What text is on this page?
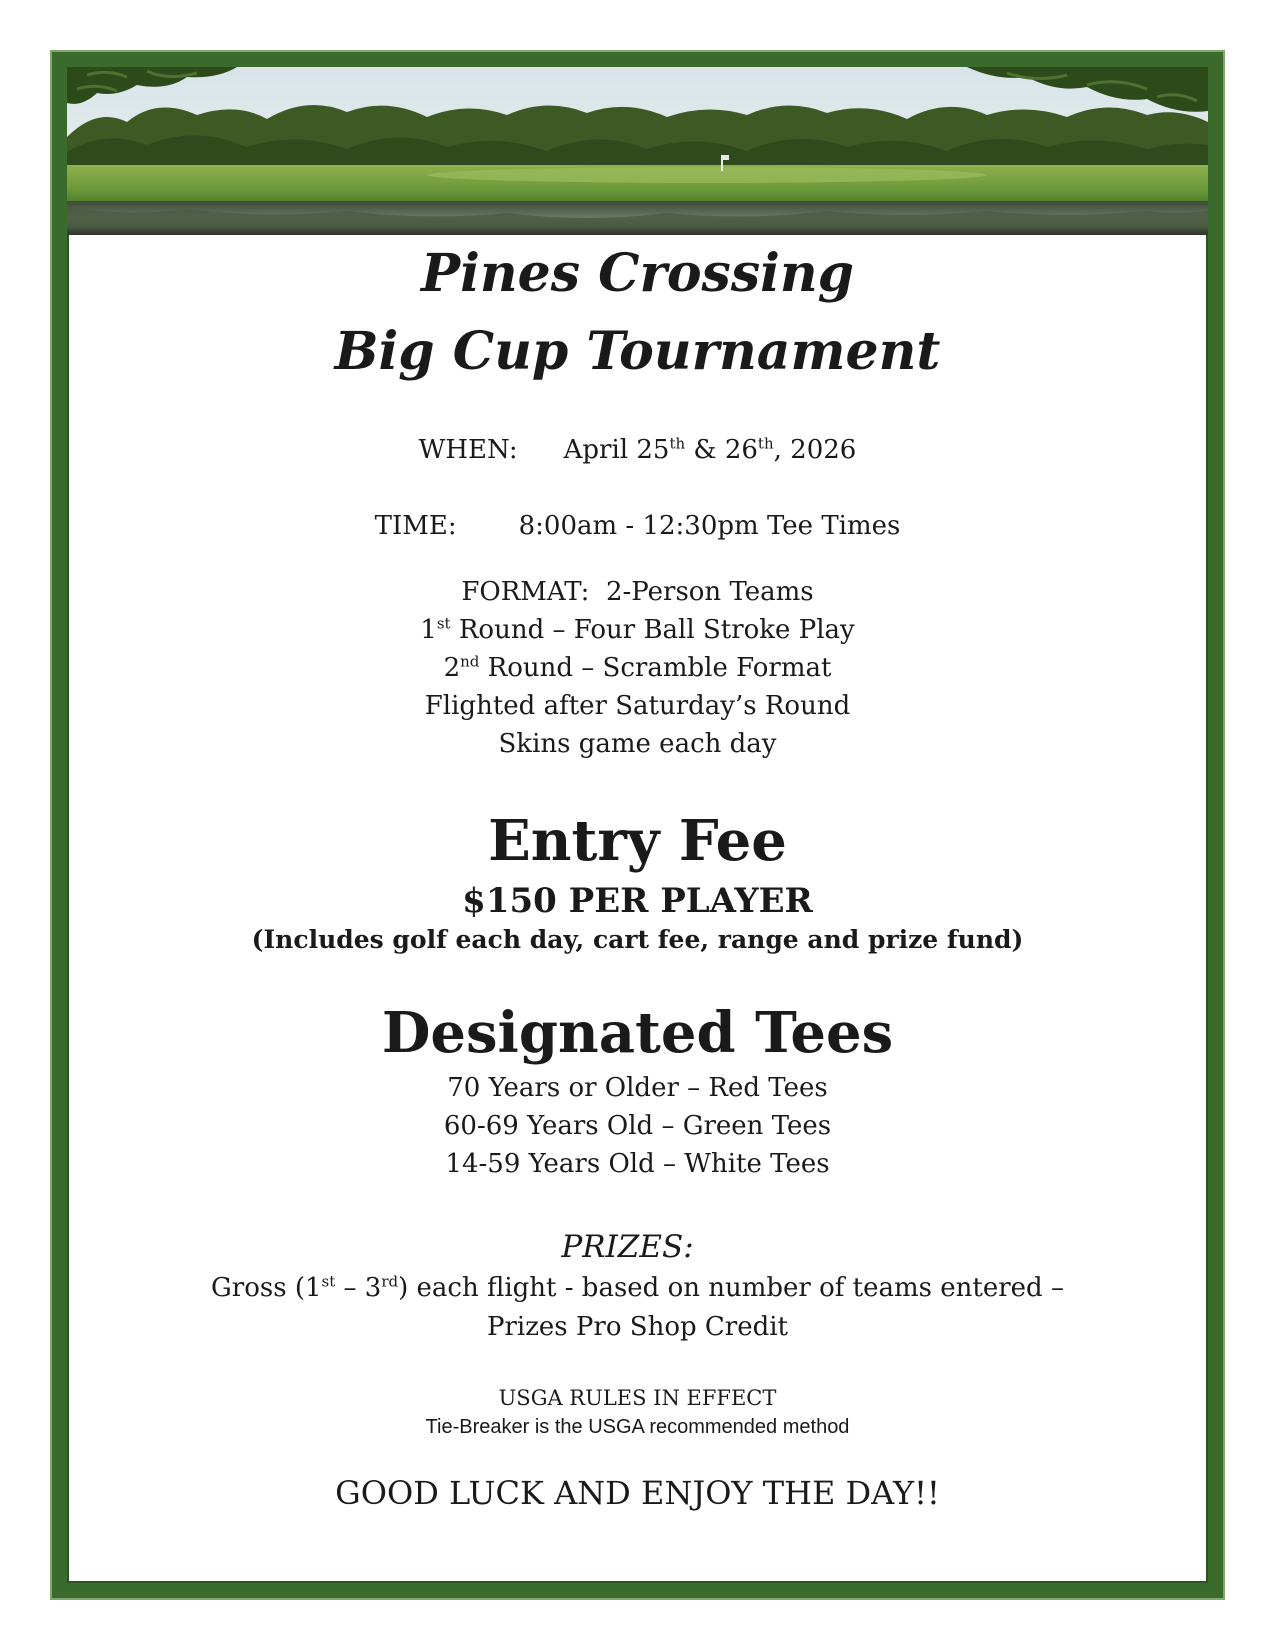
Pines Crossing
Big Cup Tournament
WHEN: April 25th & 26th, 2026
TIME: 8:00am - 12:30pm Tee Times
FORMAT: 2-Person Teams
1st Round – Four Ball Stroke Play
2nd Round – Scramble Format
Flighted after Saturday’s Round
Skins game each day
Entry Fee
$150 PER PLAYER
(Includes golf each day, cart fee, range and prize fund)
Designated Tees
70 Years or Older – Red Tees
60-69 Years Old – Green Tees
14-59 Years Old – White Tees
PRIZES:
Gross (1st – 3rd) each flight - based on number of teams entered –
Prizes Pro Shop Credit
USGA RULES IN EFFECT
Tie-Breaker is the USGA recommended method
GOOD LUCK AND ENJOY THE DAY!!
